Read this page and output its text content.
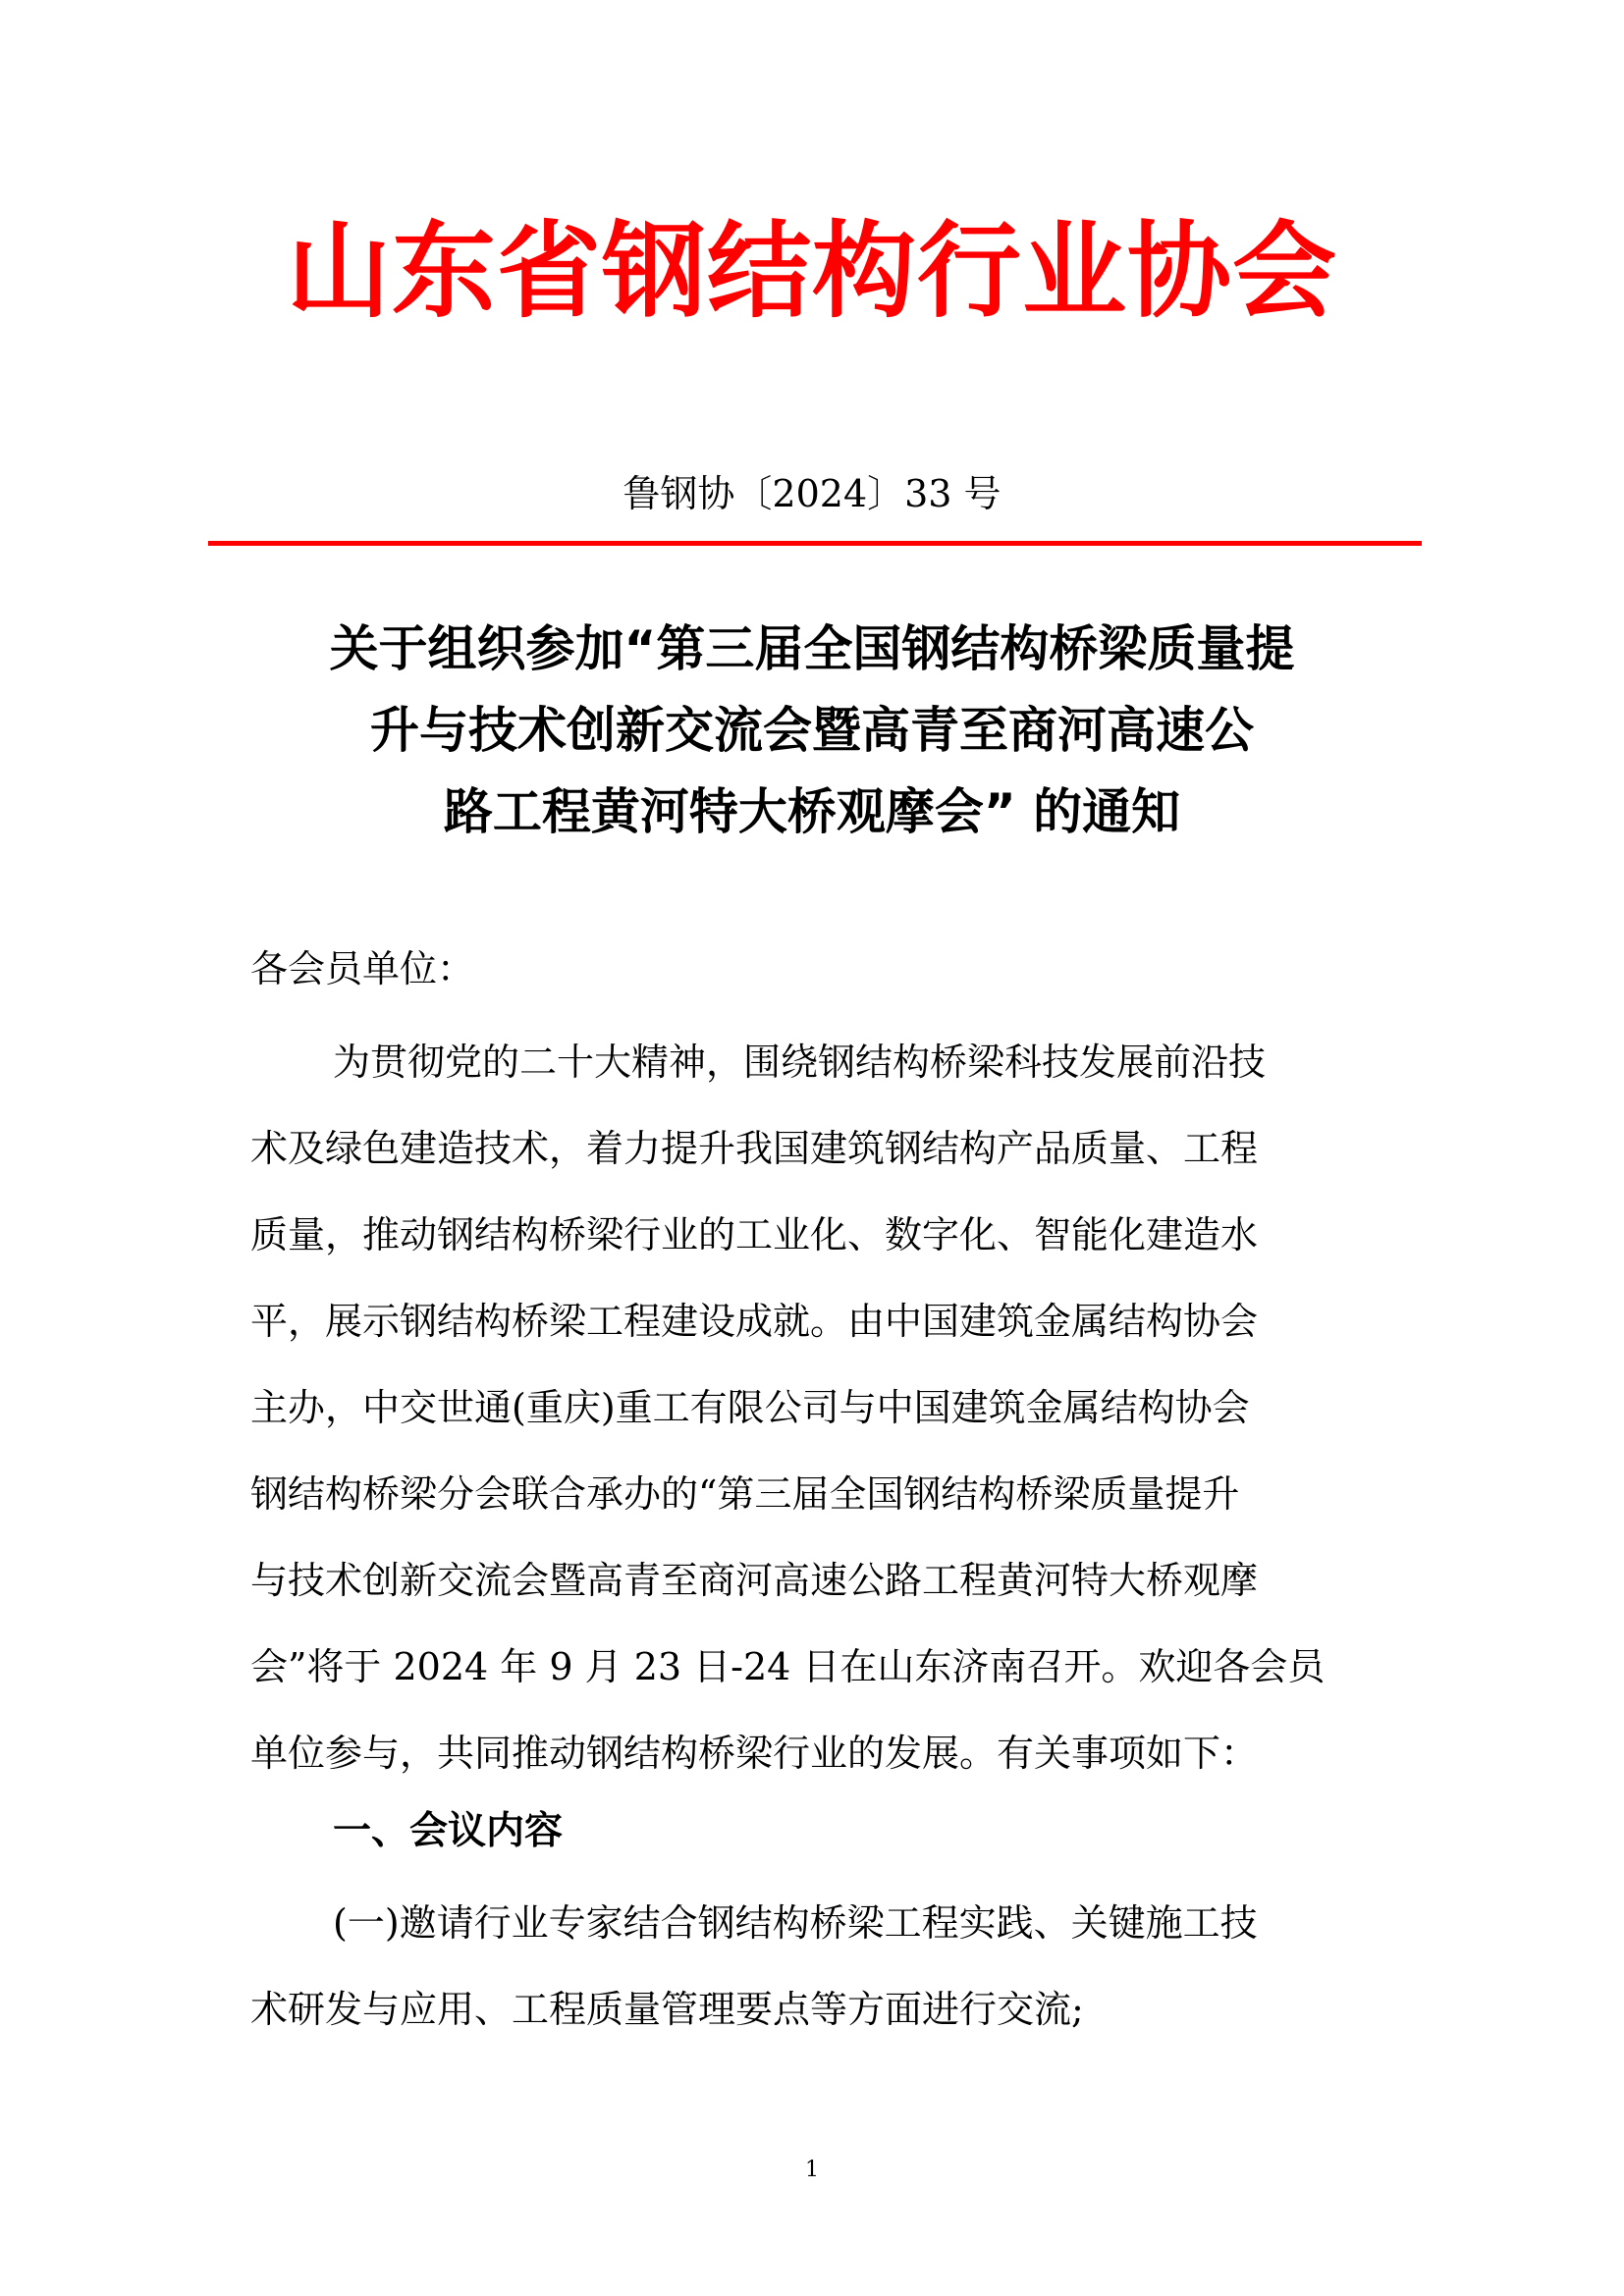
山东省钢结构行业协会
鲁钢协〔2024〕33 号
关于组织参加“第三届全国钢结构桥梁质量提
升与技术创新交流会暨高青至商河高速公
路工程黄河特大桥观摩会” 的通知
各会员单位：
为贯彻党的二十大精神，围绕钢结构桥梁科技发展前沿技
术及绿色建造技术，着力提升我国建筑钢结构产品质量、工程
质量，推动钢结构桥梁行业的工业化、数字化、智能化建造水
平，展示钢结构桥梁工程建设成就。由中国建筑金属结构协会
主办，中交世通(重庆)重工有限公司与中国建筑金属结构协会
钢结构桥梁分会联合承办的“第三届全国钢结构桥梁质量提升
与技术创新交流会暨高青至商河高速公路工程黄河特大桥观摩
会”将于 2024 年 9 月 23 日-24 日在山东济南召开。欢迎各会员
单位参与，共同推动钢结构桥梁行业的发展。有关事项如下：
一、会议内容
(一)邀请行业专家结合钢结构桥梁工程实践、关键施工技
术研发与应用、工程质量管理要点等方面进行交流;
1
